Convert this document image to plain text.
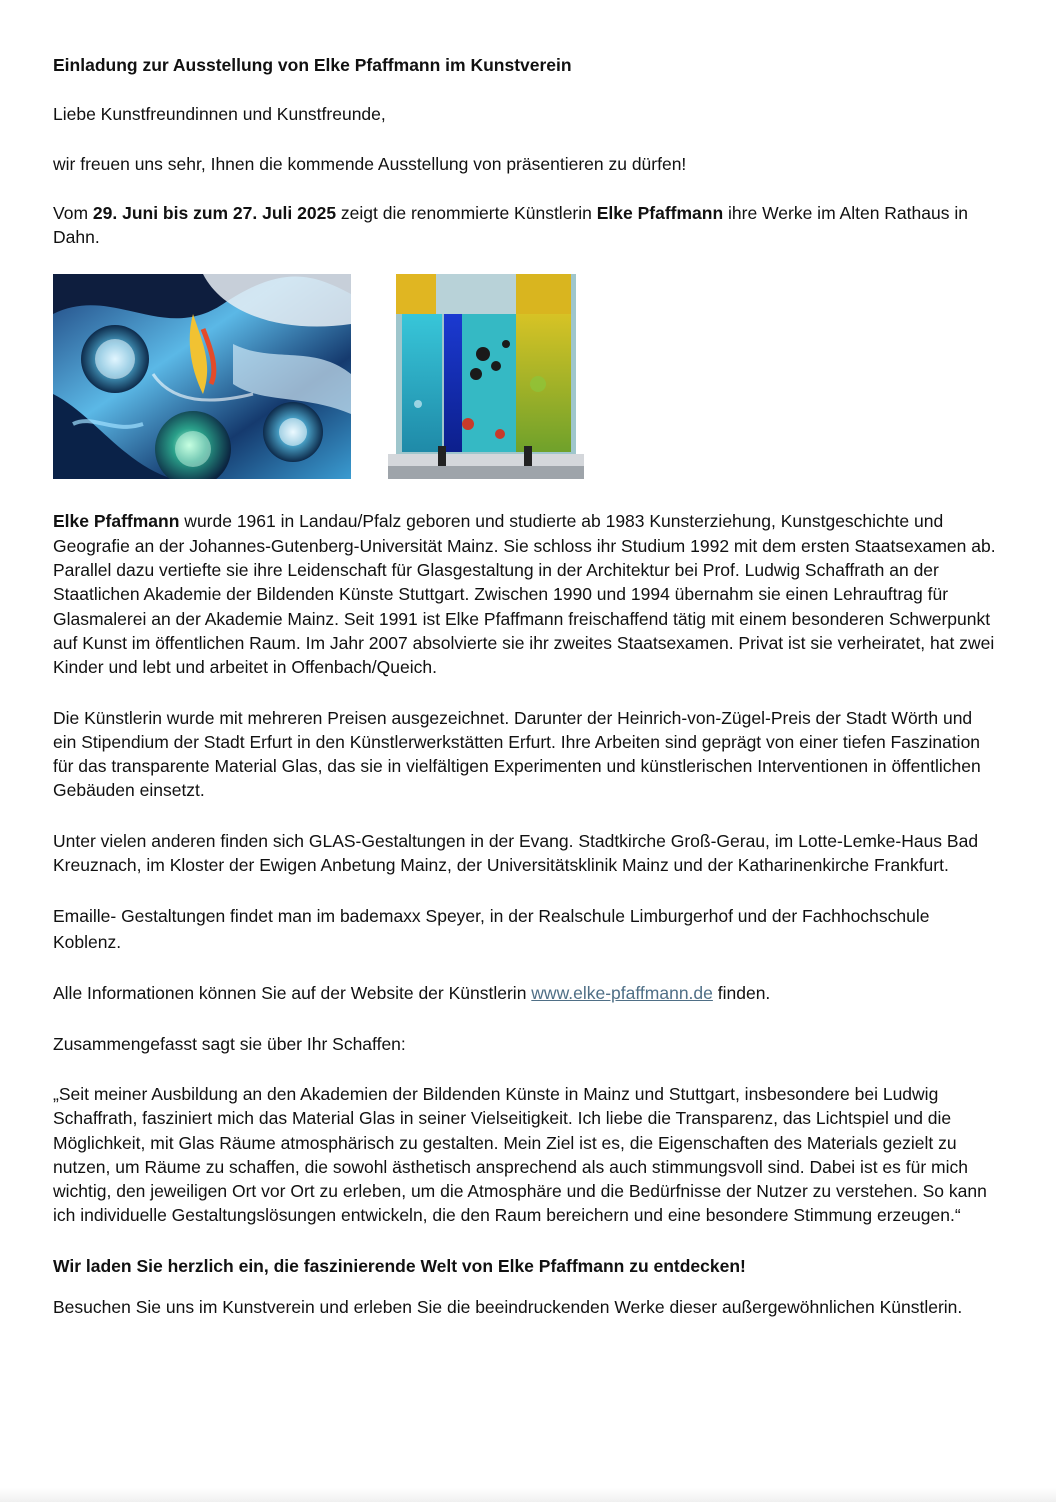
Einladung zur Ausstellung von Elke Pfaffmann im Kunstverein

Liebe Kunstfreundinnen und Kunstfreunde,

wir freuen uns sehr, Ihnen die kommende Ausstellung von präsentieren zu dürfen!

Vom 29. Juni bis zum 27. Juli 2025 zeigt die renommierte Künstlerin Elke Pfaffmann ihre Werke im Alten Rathaus in Dahn.

Elke Pfaffmann wurde 1961 in Landau/Pfalz geboren und studierte ab 1983 Kunsterziehung, Kunstgeschichte und Geografie an der Johannes-Gutenberg-Universität Mainz. Sie schloss ihr Studium 1992 mit dem ersten Staatsexamen ab. Parallel dazu vertiefte sie ihre Leidenschaft für Glasgestaltung in der Architektur bei Prof. Ludwig Schaffrath an der Staatlichen Akademie der Bildenden Künste Stuttgart. Zwischen 1990 und 1994 übernahm sie einen Lehrauftrag für Glasmalerei an der Akademie Mainz. Seit 1991 ist Elke Pfaffmann freischaffend tätig mit einem besonderen Schwerpunkt auf Kunst im öffentlichen Raum. Im Jahr 2007 absolvierte sie ihr zweites Staatsexamen. Privat ist sie verheiratet, hat zwei Kinder und lebt und arbeitet in Offenbach/Queich.

Die Künstlerin wurde mit mehreren Preisen ausgezeichnet. Darunter der Heinrich-von-Zügel-Preis der Stadt Wörth und ein Stipendium der Stadt Erfurt in den Künstlerwerkstätten Erfurt. Ihre Arbeiten sind geprägt von einer tiefen Faszination für das transparente Material Glas, das sie in vielfältigen Experimenten und künstlerischen Interventionen in öffentlichen Gebäuden einsetzt.

Unter vielen anderen finden sich GLAS-Gestaltungen in der Evang. Stadtkirche Groß-Gerau, im Lotte-Lemke-Haus Bad Kreuznach, im Kloster der Ewigen Anbetung Mainz, der Universitätsklinik Mainz und der Katharinenkirche Frankfurt.

Emaille- Gestaltungen findet man im bademaxx Speyer, in der Realschule Limburgerhof und der Fachhochschule Koblenz.

Alle Informationen können Sie auf der Website der Künstlerin www.elke-pfaffmann.de finden.

Zusammengefasst sagt sie über Ihr Schaffen:

„Seit meiner Ausbildung an den Akademien der Bildenden Künste in Mainz und Stuttgart, insbesondere bei Ludwig Schaffrath, fasziniert mich das Material Glas in seiner Vielseitigkeit. Ich liebe die Transparenz, das Lichtspiel und die Möglichkeit, mit Glas Räume atmosphärisch zu gestalten. Mein Ziel ist es, die Eigenschaften des Materials gezielt zu nutzen, um Räume zu schaffen, die sowohl ästhetisch ansprechend als auch stimmungsvoll sind. Dabei ist es für mich wichtig, den jeweiligen Ort vor Ort zu erleben, um die Atmosphäre und die Bedürfnisse der Nutzer zu verstehen. So kann ich individuelle Gestaltungslösungen entwickeln, die den Raum bereichern und eine besondere Stimmung erzeugen.“

Wir laden Sie herzlich ein, die faszinierende Welt von Elke Pfaffmann zu entdecken!

Besuchen Sie uns im Kunstverein und erleben Sie die beeindruckenden Werke dieser außergewöhnlichen Künstlerin.
